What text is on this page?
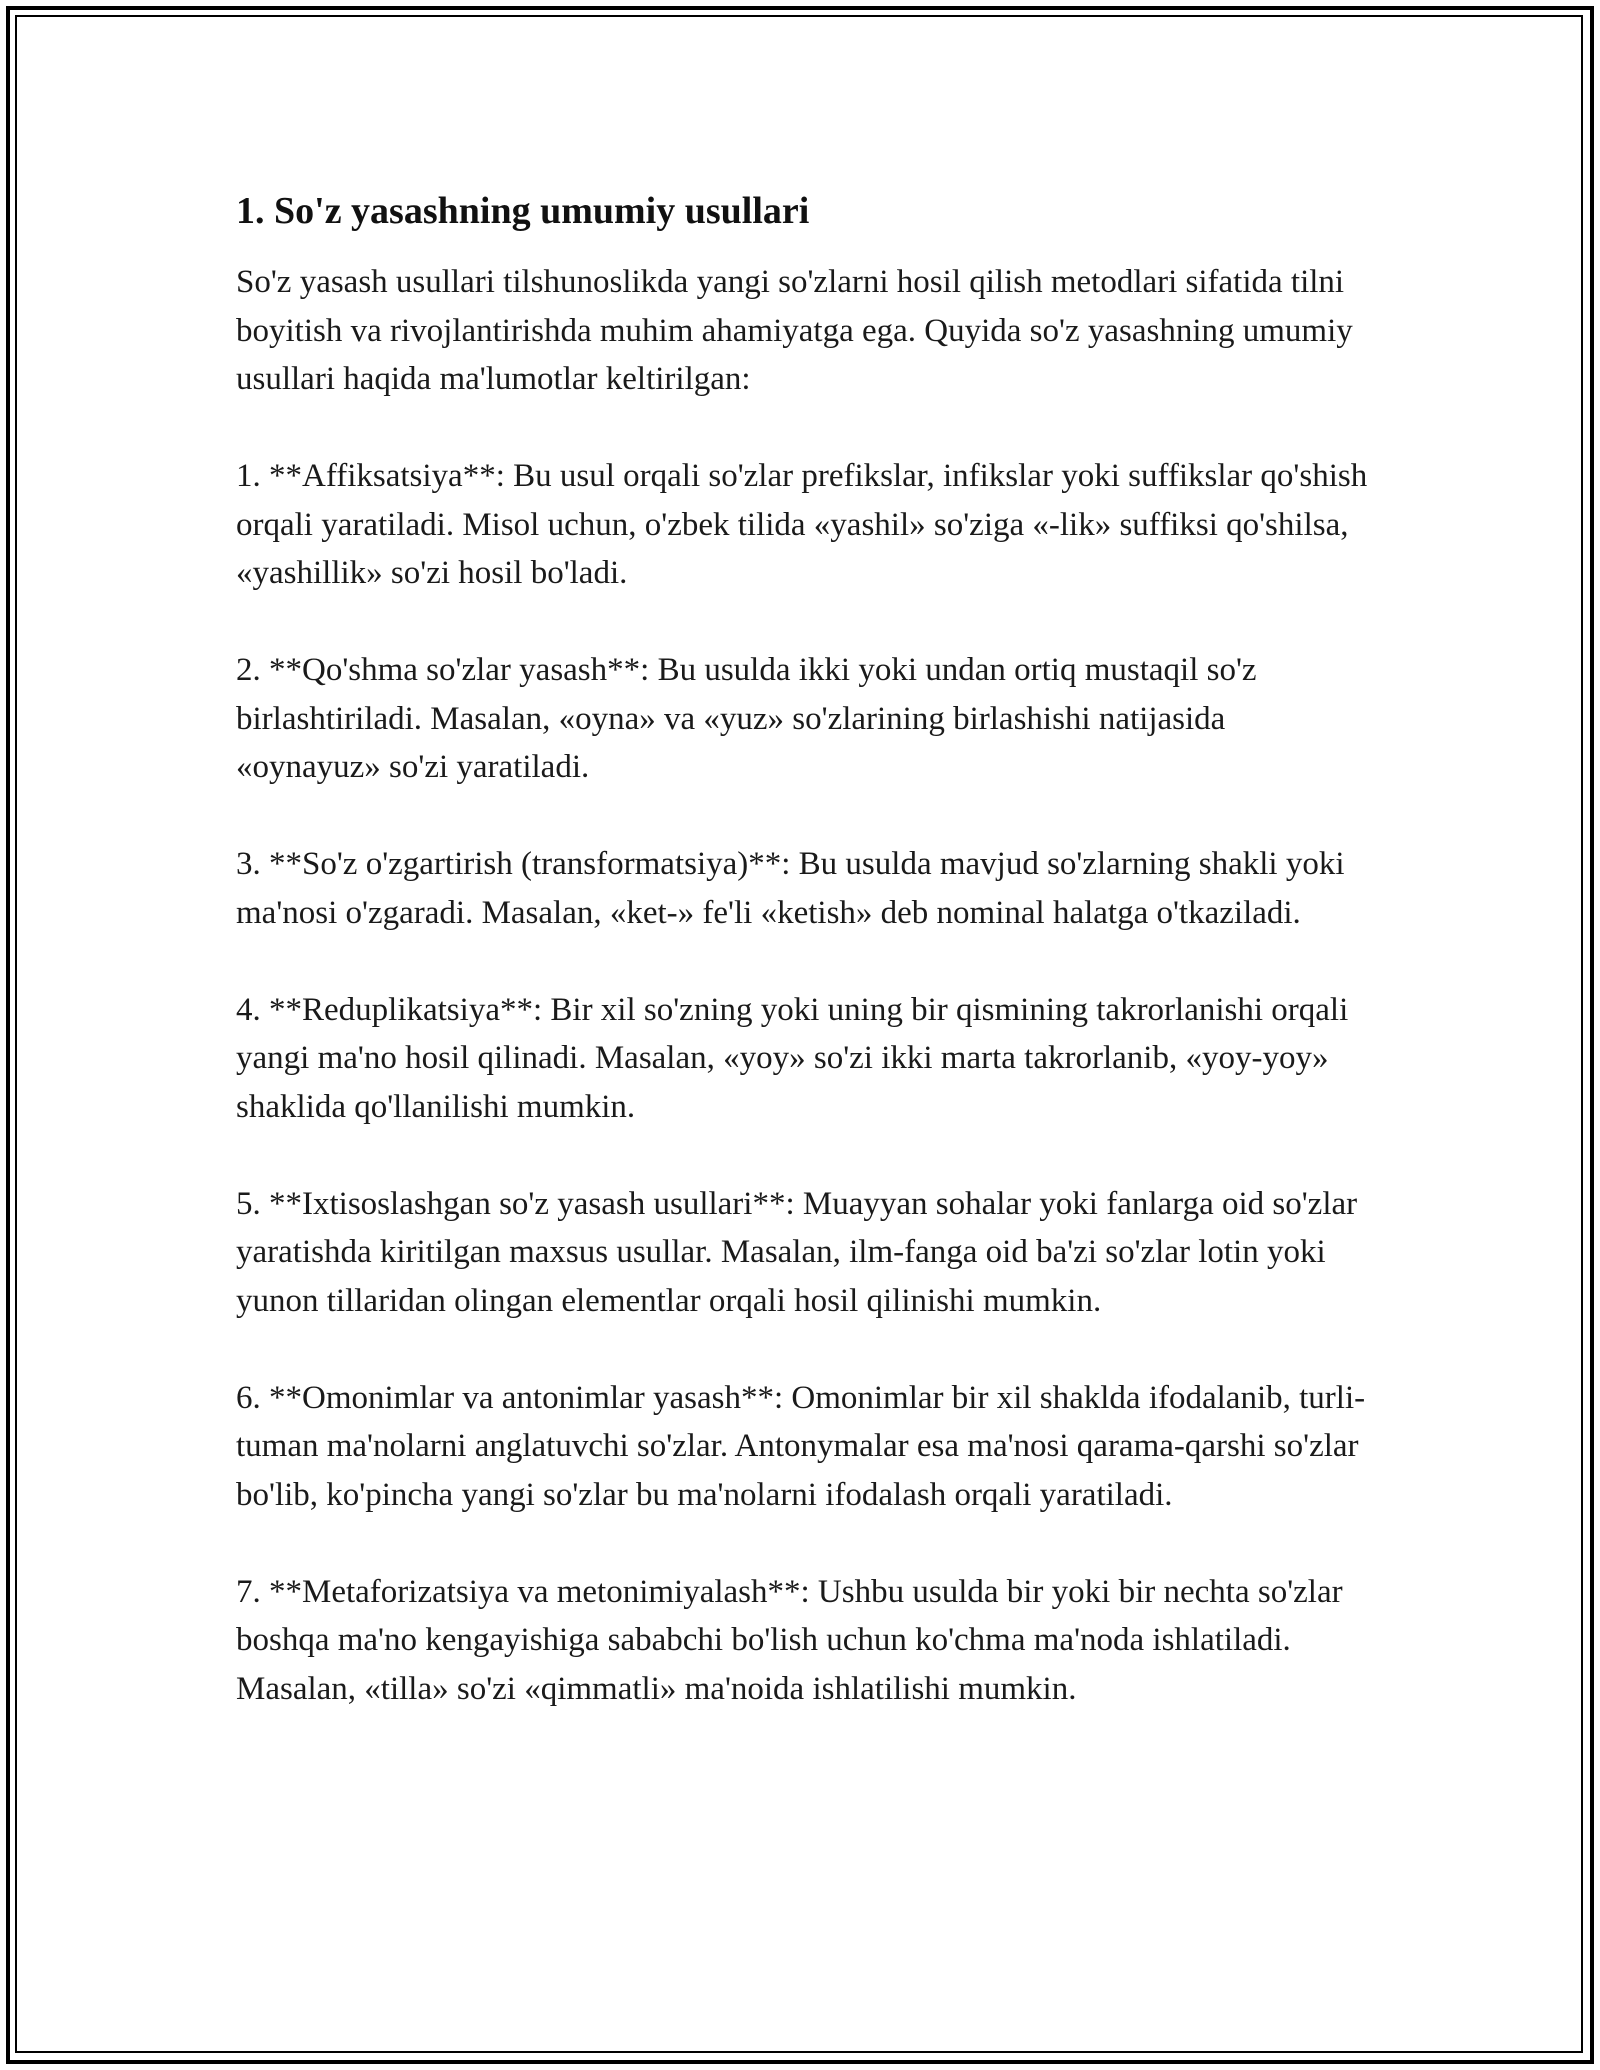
1. So'z yasashning umumiy usullari

So'z yasash usullari tilshunoslikda yangi so'zlarni hosil qilish metodlari sifatida tilni boyitish va rivojlantirishda muhim ahamiyatga ega. Quyida so'z yasashning umumiy usullari haqida ma'lumotlar keltirilgan:

1. **Affiksatsiya**: Bu usul orqali so'zlar prefikslar, infikslar yoki suffikslar qo'shish orqali yaratiladi. Misol uchun, o'zbek tilida «yashil» so'ziga «-lik» suffiksi qo'shilsa, «yashillik» so'zi hosil bo'ladi.

2. **Qo'shma so'zlar yasash**: Bu usulda ikki yoki undan ortiq mustaqil so'z birlashtiriladi. Masalan, «oyna» va «yuz» so'zlarining birlashishi natijasida «oynayuz» so'zi yaratiladi.

3. **So'z o'zgartirish (transformatsiya)**: Bu usulda mavjud so'zlarning shakli yoki ma'nosi o'zgaradi. Masalan, «ket-» fe'li «ketish» deb nominal halatga o'tkaziladi.

4. **Reduplikatsiya**: Bir xil so'zning yoki uning bir qismining takrorlanishi orqali yangi ma'no hosil qilinadi. Masalan, «yoy» so'zi ikki marta takrorlanib, «yoy-yoy» shaklida qo'llanilishi mumkin.

5. **Ixtisoslashgan so'z yasash usullari**: Muayyan sohalar yoki fanlarga oid so'zlar yaratishda kiritilgan maxsus usullar. Masalan, ilm-fanga oid ba'zi so'zlar lotin yoki yunon tillaridan olingan elementlar orqali hosil qilinishi mumkin.

6. **Omonimlar va antonimlar yasash**: Omonimlar bir xil shaklda ifodalanib, turli-tuman ma'nolarni anglatuvchi so'zlar. Antonymalar esa ma'nosi qarama-qarshi so'zlar bo'lib, ko'pincha yangi so'zlar bu ma'nolarni ifodalash orqali yaratiladi.

7. **Metaforizatsiya va metonimiyalash**: Ushbu usulda bir yoki bir nechta so'zlar boshqa ma'no kengayishiga sababchi bo'lish uchun ko'chma ma'noda ishlatiladi. Masalan, «tilla» so'zi «qimmatli» ma'noida ishlatilishi mumkin.
